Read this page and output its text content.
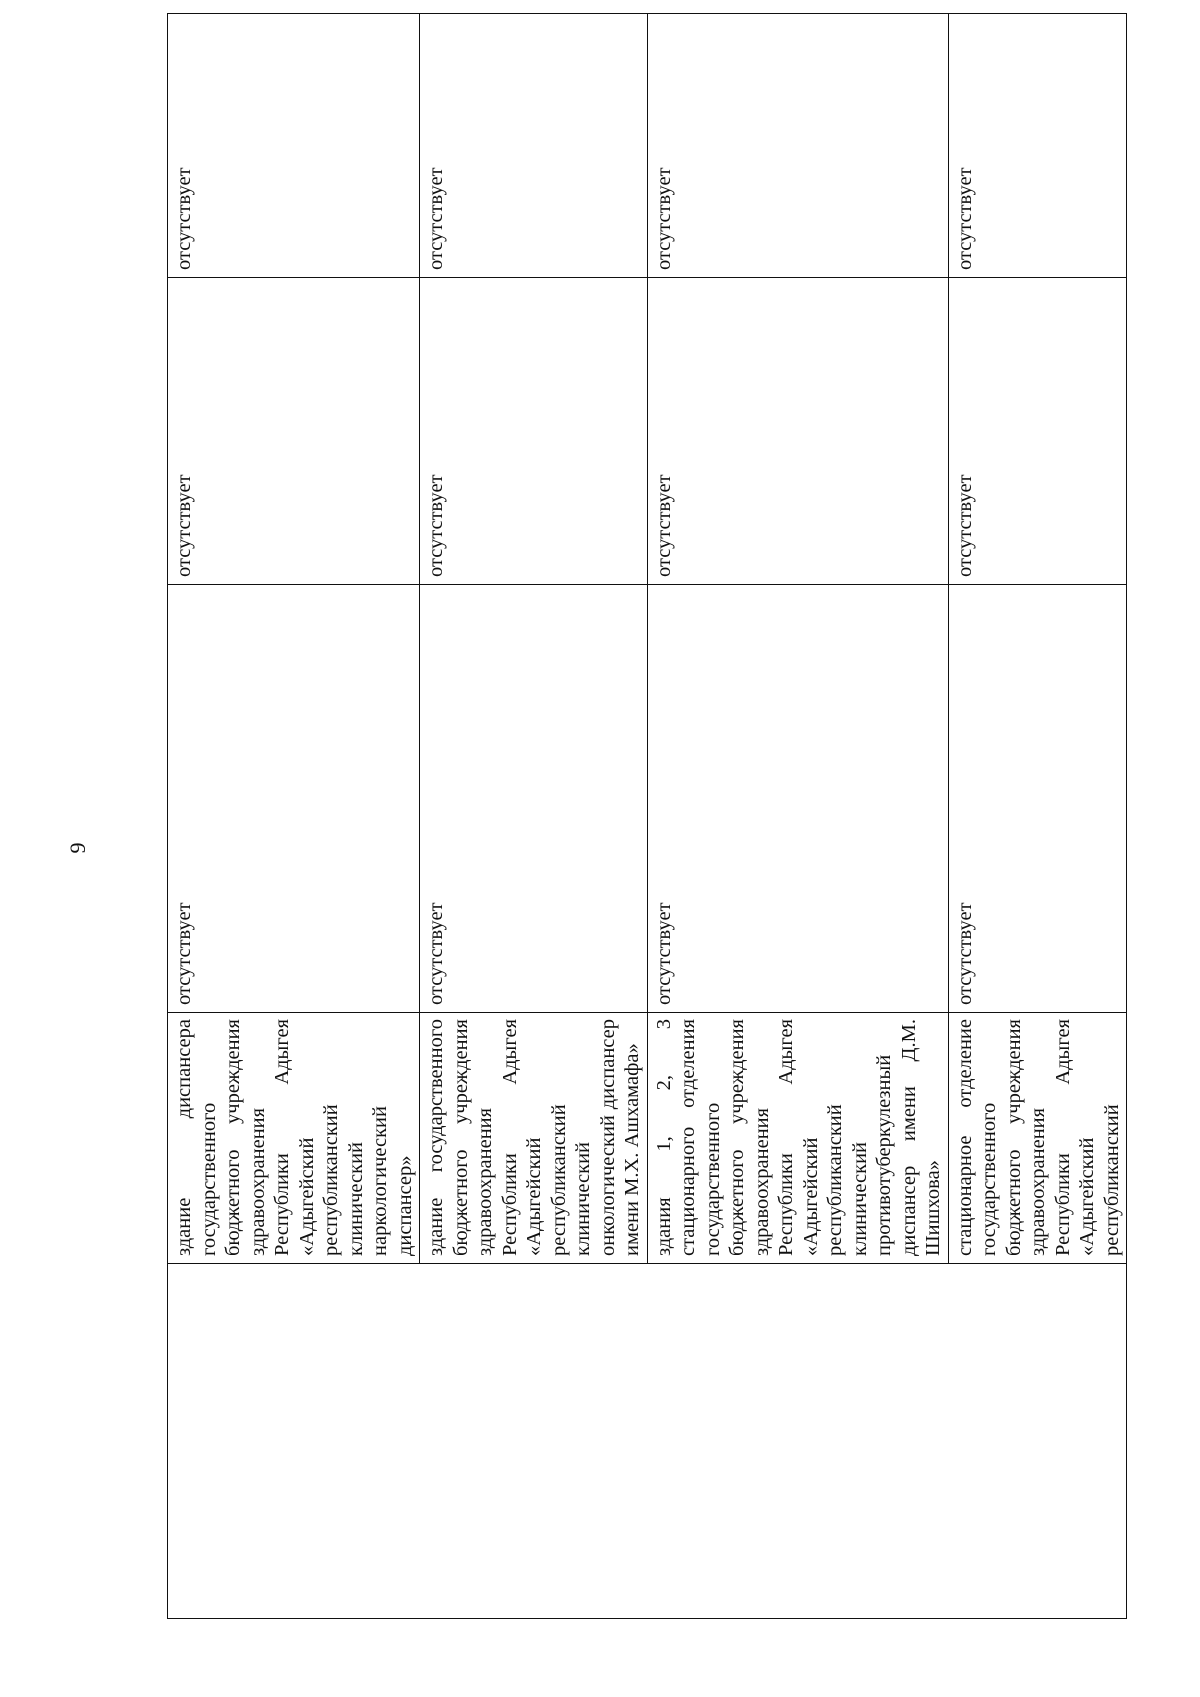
9
	здание диспансера государственного бюджетного учреждения здравоохранения Республики Адыгея «Адыгейский республиканский клинический наркологический диспансер»	отсутствует	отсутствует	отсутствует
	здание государственного бюджетного учреждения здравоохранения Республики Адыгея «Адыгейский республиканский клинический онкологический диспансер имени М.Х. Ашхамафа»	отсутствует	отсутствует	отсутствует
	здания 1, 2, 3 стационарного отделения государственного бюджетного учреждения здравоохранения Республики Адыгея «Адыгейский республиканский клинический противотуберкулезный диспансер имени Д.М. Шишхова»	отсутствует	отсутствует	отсутствует
	стационарное отделение государственного бюджетного учреждения здравоохранения Республики Адыгея «Адыгейский республиканский	отсутствует	отсутствует	отсутствует
